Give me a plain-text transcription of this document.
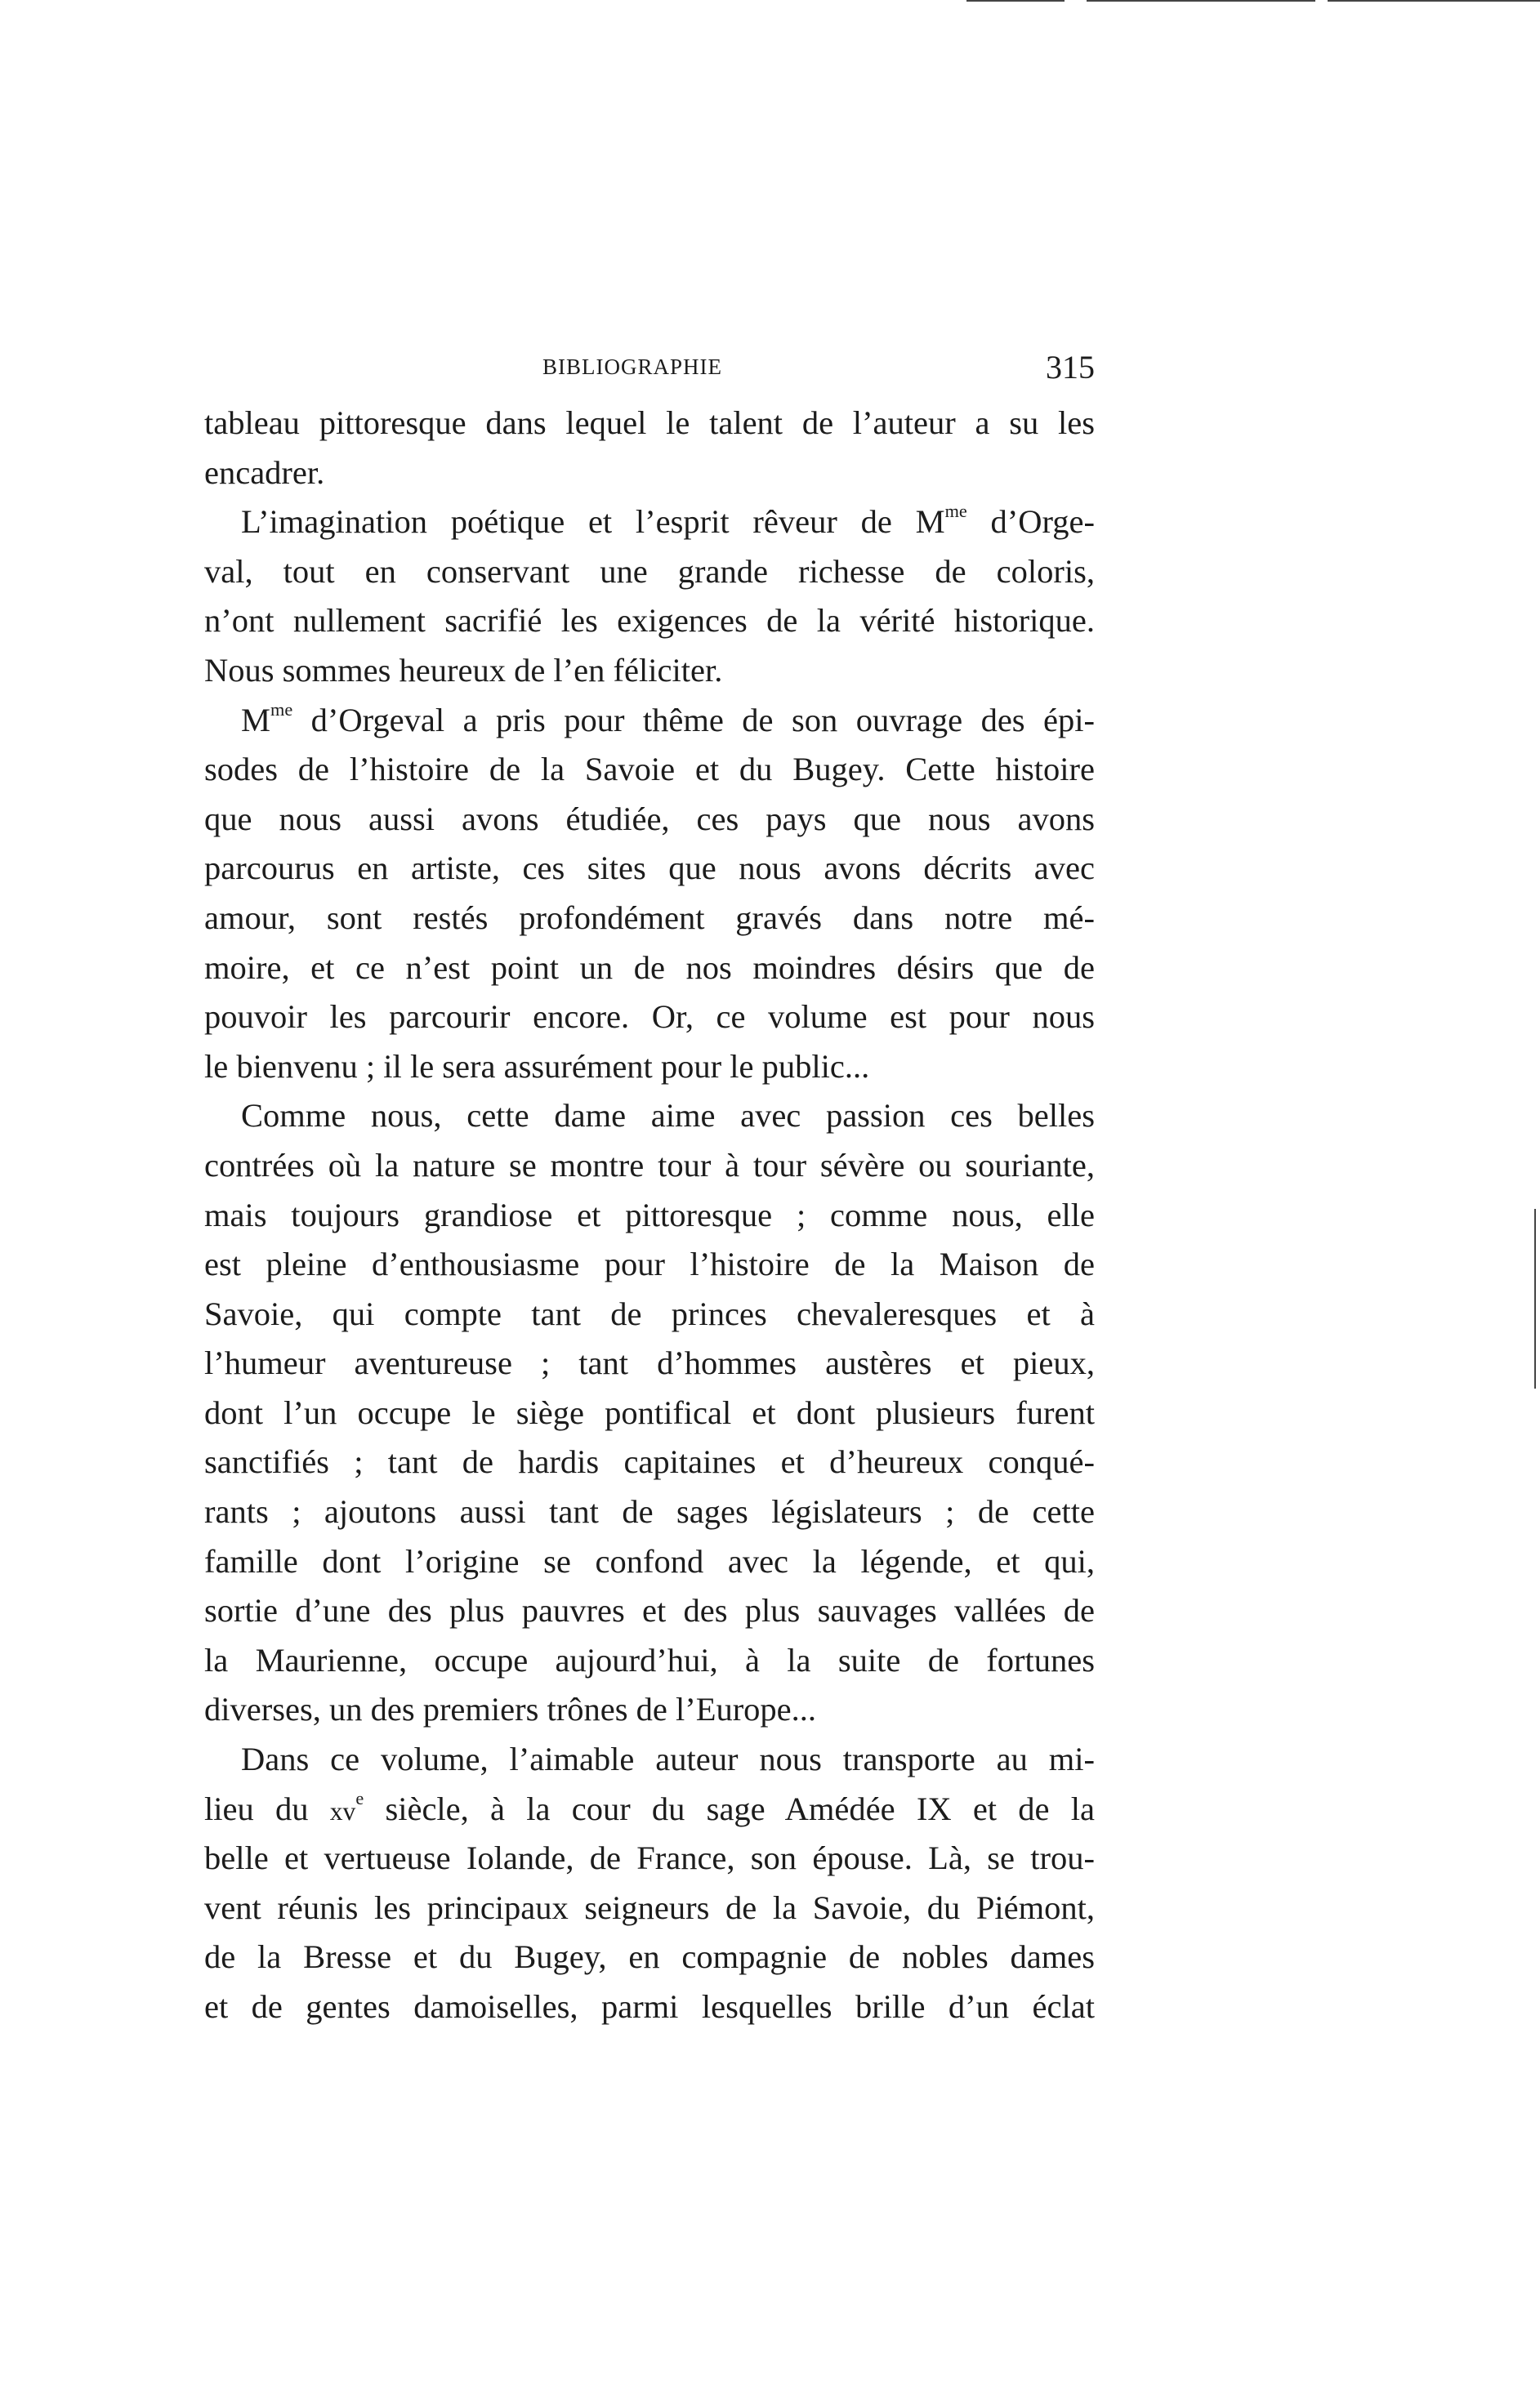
BIBLIOGRAPHIE	315
tableau pittoresque dans lequel le talent de l’auteur a su les
encadrer.
L’imagination poétique et l’esprit rêveur de $M^{me}$ d’Orge-
val, tout en conservant une grande richesse de coloris,
n’ont nullement sacrifié les exigences de la vérité historique.
Nous sommes heureux de l’en féliciter.
$M^{me}$ d’Orgeval a pris pour thême de son ouvrage des épi-
sodes de l’histoire de la Savoie et du Bugey. Cette histoire
que nous aussi avons étudiée, ces pays que nous avons
parcourus en artiste, ces sites que nous avons décrits avec
amour, sont restés profondément gravés dans notre mé-
moire, et ce n’est point un de nos moindres désirs que de
pouvoir les parcourir encore. Or, ce volume est pour nous
le bienvenu ; il le sera assurément pour le public...
Comme nous, cette dame aime avec passion ces belles
contrées où la nature se montre tour à tour sévère ou souriante,
mais toujours grandiose et pittoresque ; comme nous, elle
est pleine d’enthousiasme pour l’histoire de la Maison de
Savoie, qui compte tant de princes chevaleresques et à
l’humeur aventureuse ; tant d’hommes austères et pieux,
dont l’un occupe le siège pontifical et dont plusieurs furent
sanctifiés ; tant de hardis capitaines et d’heureux conqué-
rants ; ajoutons aussi tant de sages législateurs ; de cette
famille dont l’origine se confond avec la légende, et qui,
sortie d’une des plus pauvres et des plus sauvages vallées de
la Maurienne, occupe aujourd’hui, à la suite de fortunes
diverses, un des premiers trônes de l’Europe...
Dans ce volume, l’aimable auteur nous transporte au mi-
lieu du $xv^e$ siècle, à la cour du sage Amédée IX et de la
belle et vertueuse Iolande, de France, son épouse. Là, se trou-
vent réunis les principaux seigneurs de la Savoie, du Piémont,
de la Bresse et du Bugey, en compagnie de nobles dames
et de gentes damoiselles, parmi lesquelles brille d’un éclat
